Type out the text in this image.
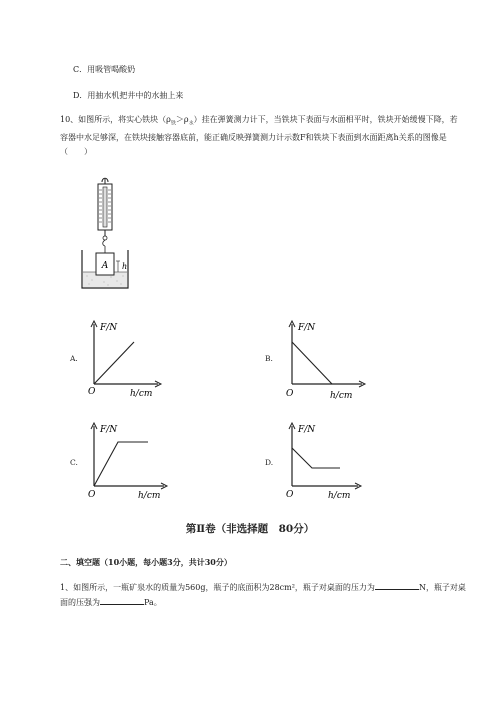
C．用吸管喝酸奶
D．用抽水机把井中的水抽上来
10、如图所示，将实心铁块$(\rho_铁>\rho_水)$挂在弹簧测力计下，当铁块下表面与水面相平时，铁块开始缓慢下降，若容器中水足够深，在铁块接触容器底前，能正确反映弹簧测力计示数F和铁块下表面到水面距离h关系的图像是（　　）
A h
A.
F/N
O	h/cm
B.
F/N
O	h/cm
C.
F/N
O	h/cm
D.
F/N
O	h/cm
第Ⅱ卷（非选择题　80分）
二、填空题（10小题，每小题3分，共计30分）
1、如图所示，一瓶矿泉水的质量为560g，瓶子的底面积为28cm²，瓶子对桌面的压力为	N，瓶子对桌面的压强为	Pa。
